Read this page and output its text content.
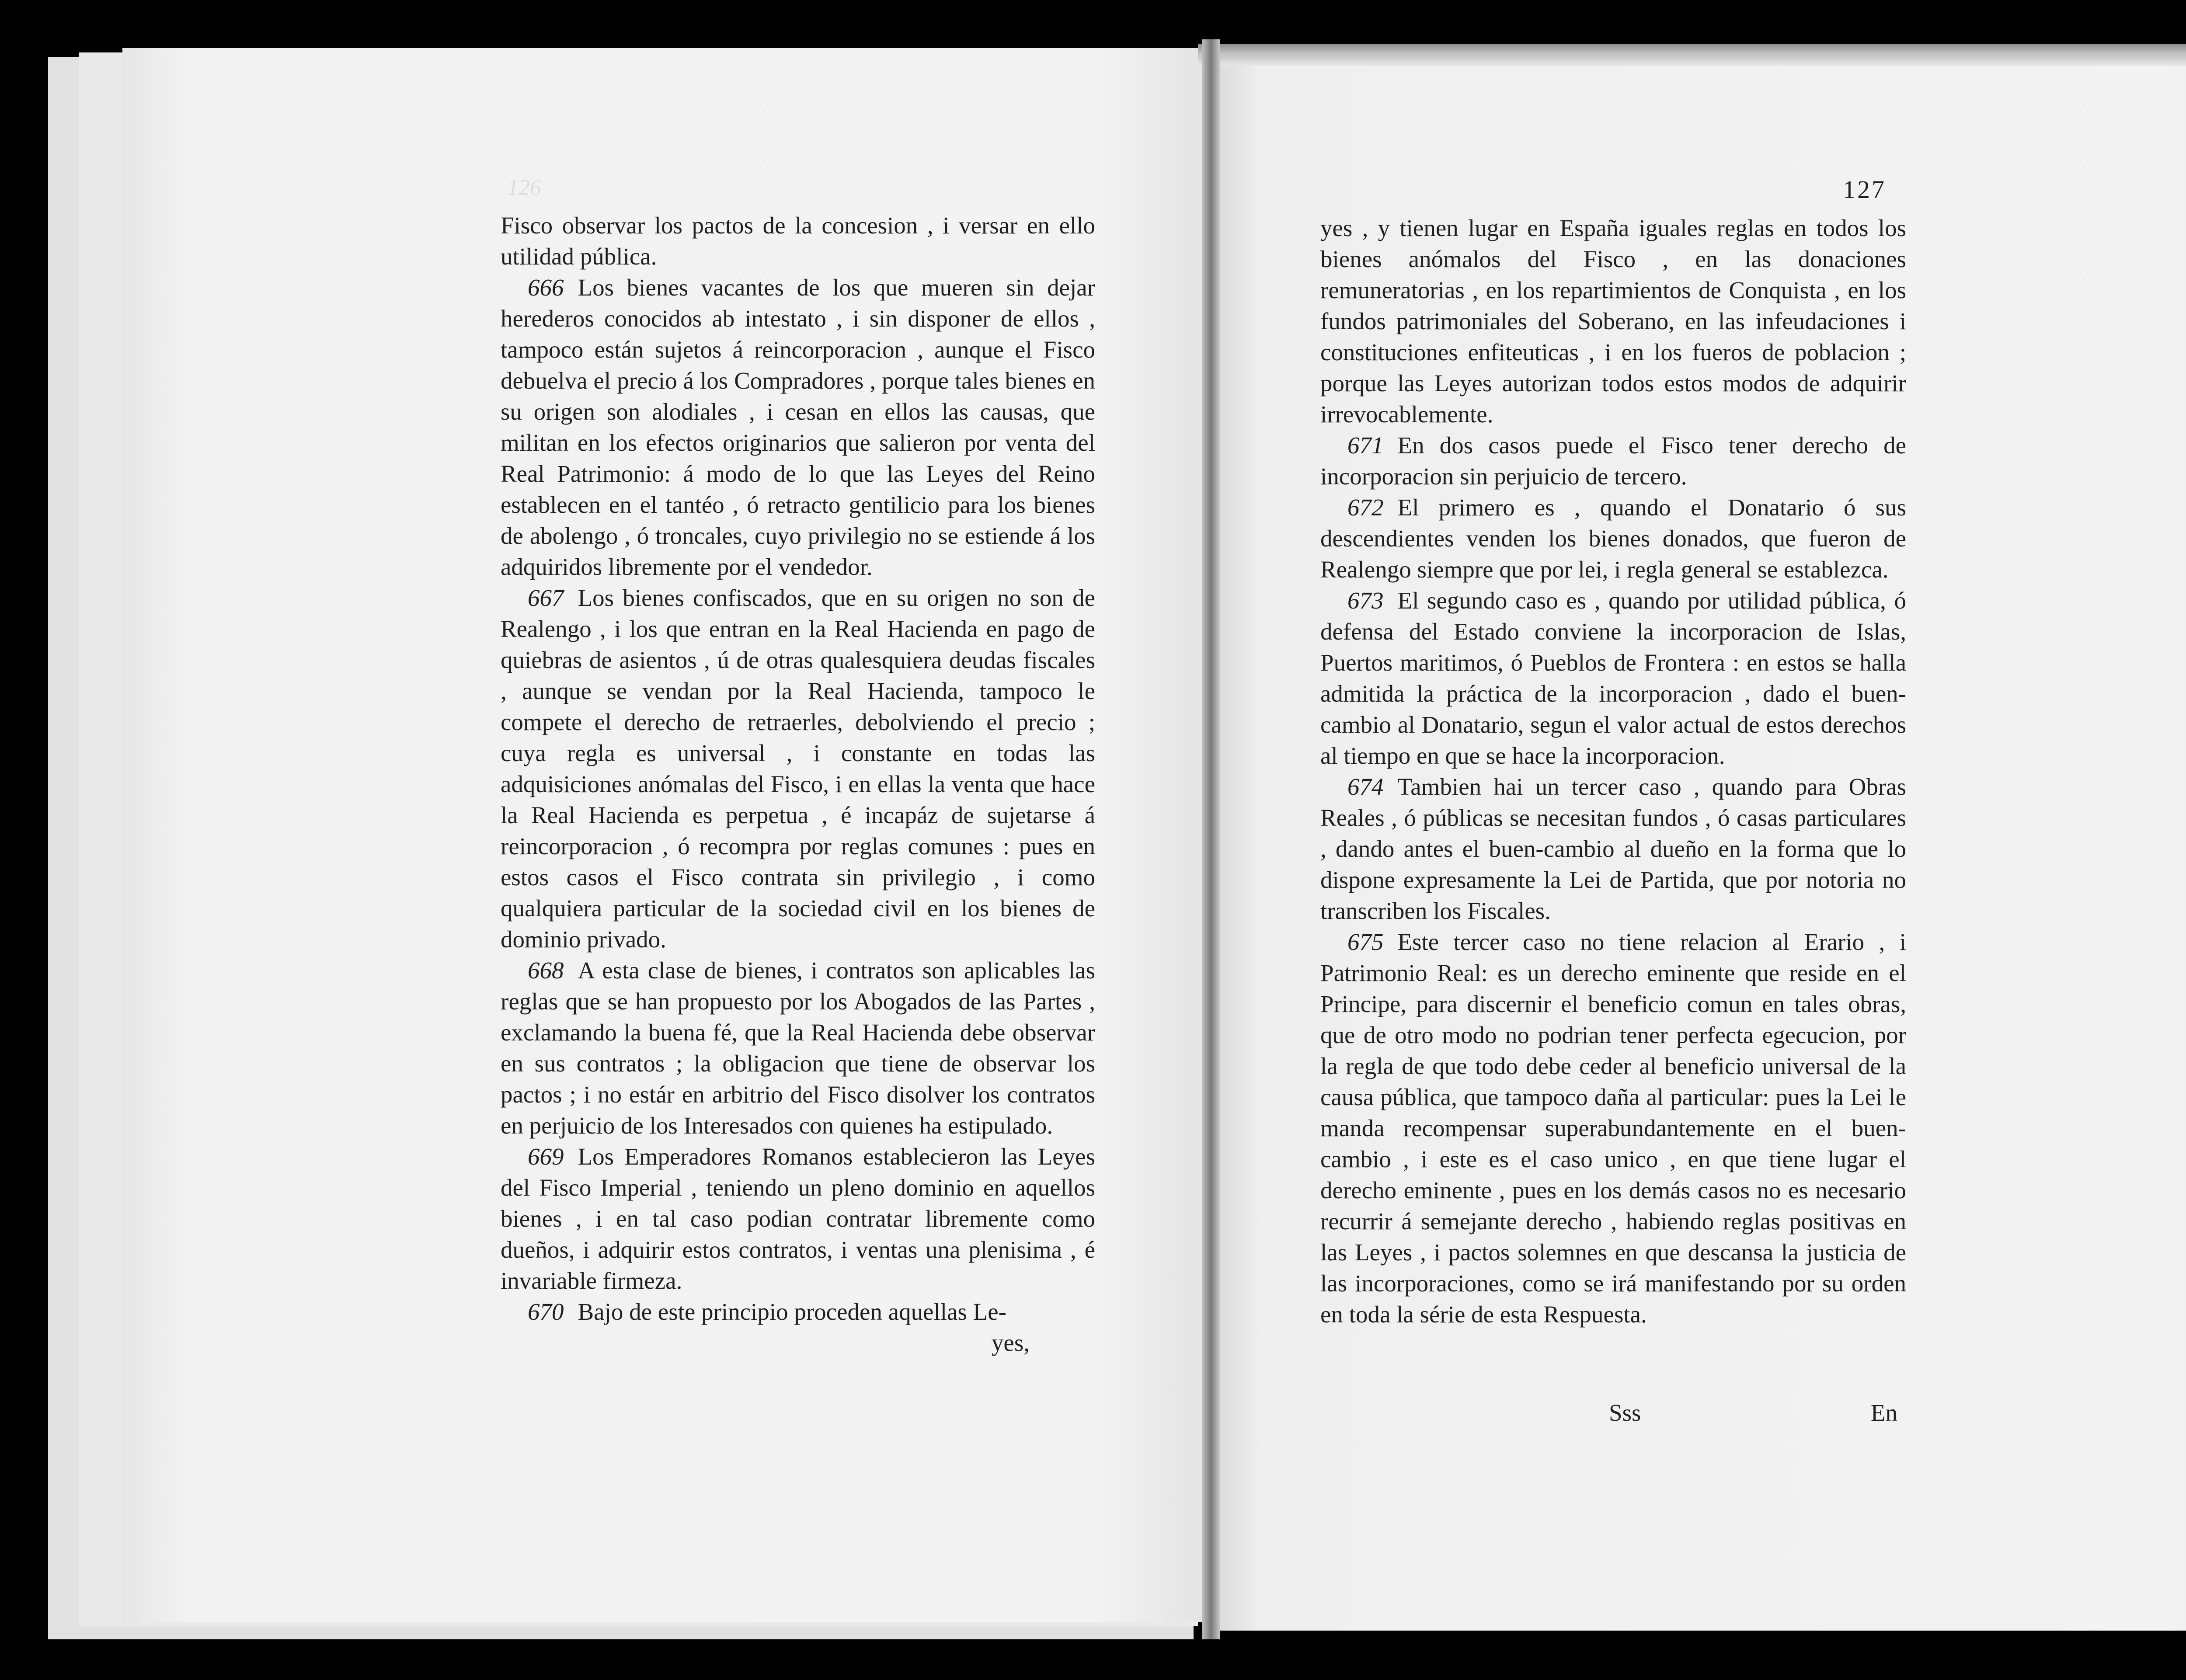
126

Fisco observar los pactos de la concesion , i versar en ello utilidad pública.

666 Los bienes vacantes de los que mueren sin dejar herederos conocidos ab intestato , i sin disponer de ellos , tampoco están sujetos á reincorporacion , aunque el Fisco debuelva el precio á los Compradores , porque tales bienes en su origen son alodiales , i cesan en ellos las causas, que militan en los efectos originarios que salieron por venta del Real Patrimonio: á modo de lo que las Leyes del Reino establecen en el tantéo , ó retracto gentilicio para los bienes de abolengo , ó troncales, cuyo privilegio no se estiende á los adquiridos libremente por el vendedor.

667 Los bienes confiscados, que en su origen no son de Realengo , i los que entran en la Real Hacienda en pago de quiebras de asientos , ú de otras qualesquiera deudas fiscales , aunque se vendan por la Real Hacienda, tampoco le compete el derecho de retraerles, debolviendo el precio ; cuya regla es universal , i constante en todas las adquisiciones anómalas del Fisco, i en ellas la venta que hace la Real Hacienda es perpetua , é incapáz de sujetarse á reincorporacion , ó recompra por reglas comunes : pues en estos casos el Fisco contrata sin privilegio , i como qualquiera particular de la sociedad civil en los bienes de dominio privado.

668 A esta clase de bienes, i contratos son aplicables las reglas que se han propuesto por los Abogados de las Partes , exclamando la buena fé, que la Real Hacienda debe observar en sus contratos ; la obligacion que tiene de observar los pactos ; i no estár en arbitrio del Fisco disolver los contratos en perjuicio de los Interesados con quienes ha estipulado.

669 Los Emperadores Romanos establecieron las Leyes del Fisco Imperial , teniendo un pleno dominio en aquellos bienes , i en tal caso podian contratar libremente como dueños, i adquirir estos contratos, i ventas una plenisima , é invariable firmeza.

670 Bajo de este principio proceden aquellas Le-

yes,

127

yes , y tienen lugar en España iguales reglas en todos los bienes anómalos del Fisco , en las donaciones remuneratorias , en los repartimientos de Conquista , en los fundos patrimoniales del Soberano, en las infeudaciones i constituciones enfiteuticas , i en los fueros de poblacion ; porque las Leyes autorizan todos estos modos de adquirir irrevocablemente.

671 En dos casos puede el Fisco tener derecho de incorporacion sin perjuicio de tercero.

672 El primero es , quando el Donatario ó sus descendientes venden los bienes donados, que fueron de Realengo siempre que por lei, i regla general se establezca.

673 El segundo caso es , quando por utilidad pública, ó defensa del Estado conviene la incorporacion de Islas, Puertos maritimos, ó Pueblos de Frontera : en estos se halla admitida la práctica de la incorporacion , dado el buen-cambio al Donatario, segun el valor actual de estos derechos al tiempo en que se hace la incorporacion.

674 Tambien hai un tercer caso , quando para Obras Reales , ó públicas se necesitan fundos , ó casas particulares , dando antes el buen-cambio al dueño en la forma que lo dispone expresamente la Lei de Partida, que por notoria no transcriben los Fiscales.

675 Este tercer caso no tiene relacion al Erario , i Patrimonio Real: es un derecho eminente que reside en el Principe, para discernir el beneficio comun en tales obras, que de otro modo no podrian tener perfecta egecucion, por la regla de que todo debe ceder al beneficio universal de la causa pública, que tampoco daña al particular: pues la Lei le manda recompensar superabundantemente en el buen-cambio , i este es el caso unico , en que tiene lugar el derecho eminente , pues en los demás casos no es necesario recurrir á semejante derecho , habiendo reglas positivas en las Leyes , i pactos solemnes en que descansa la justicia de las incorporaciones, como se irá manifestando por su orden en toda la série de esta Respuesta.

Sss	En
